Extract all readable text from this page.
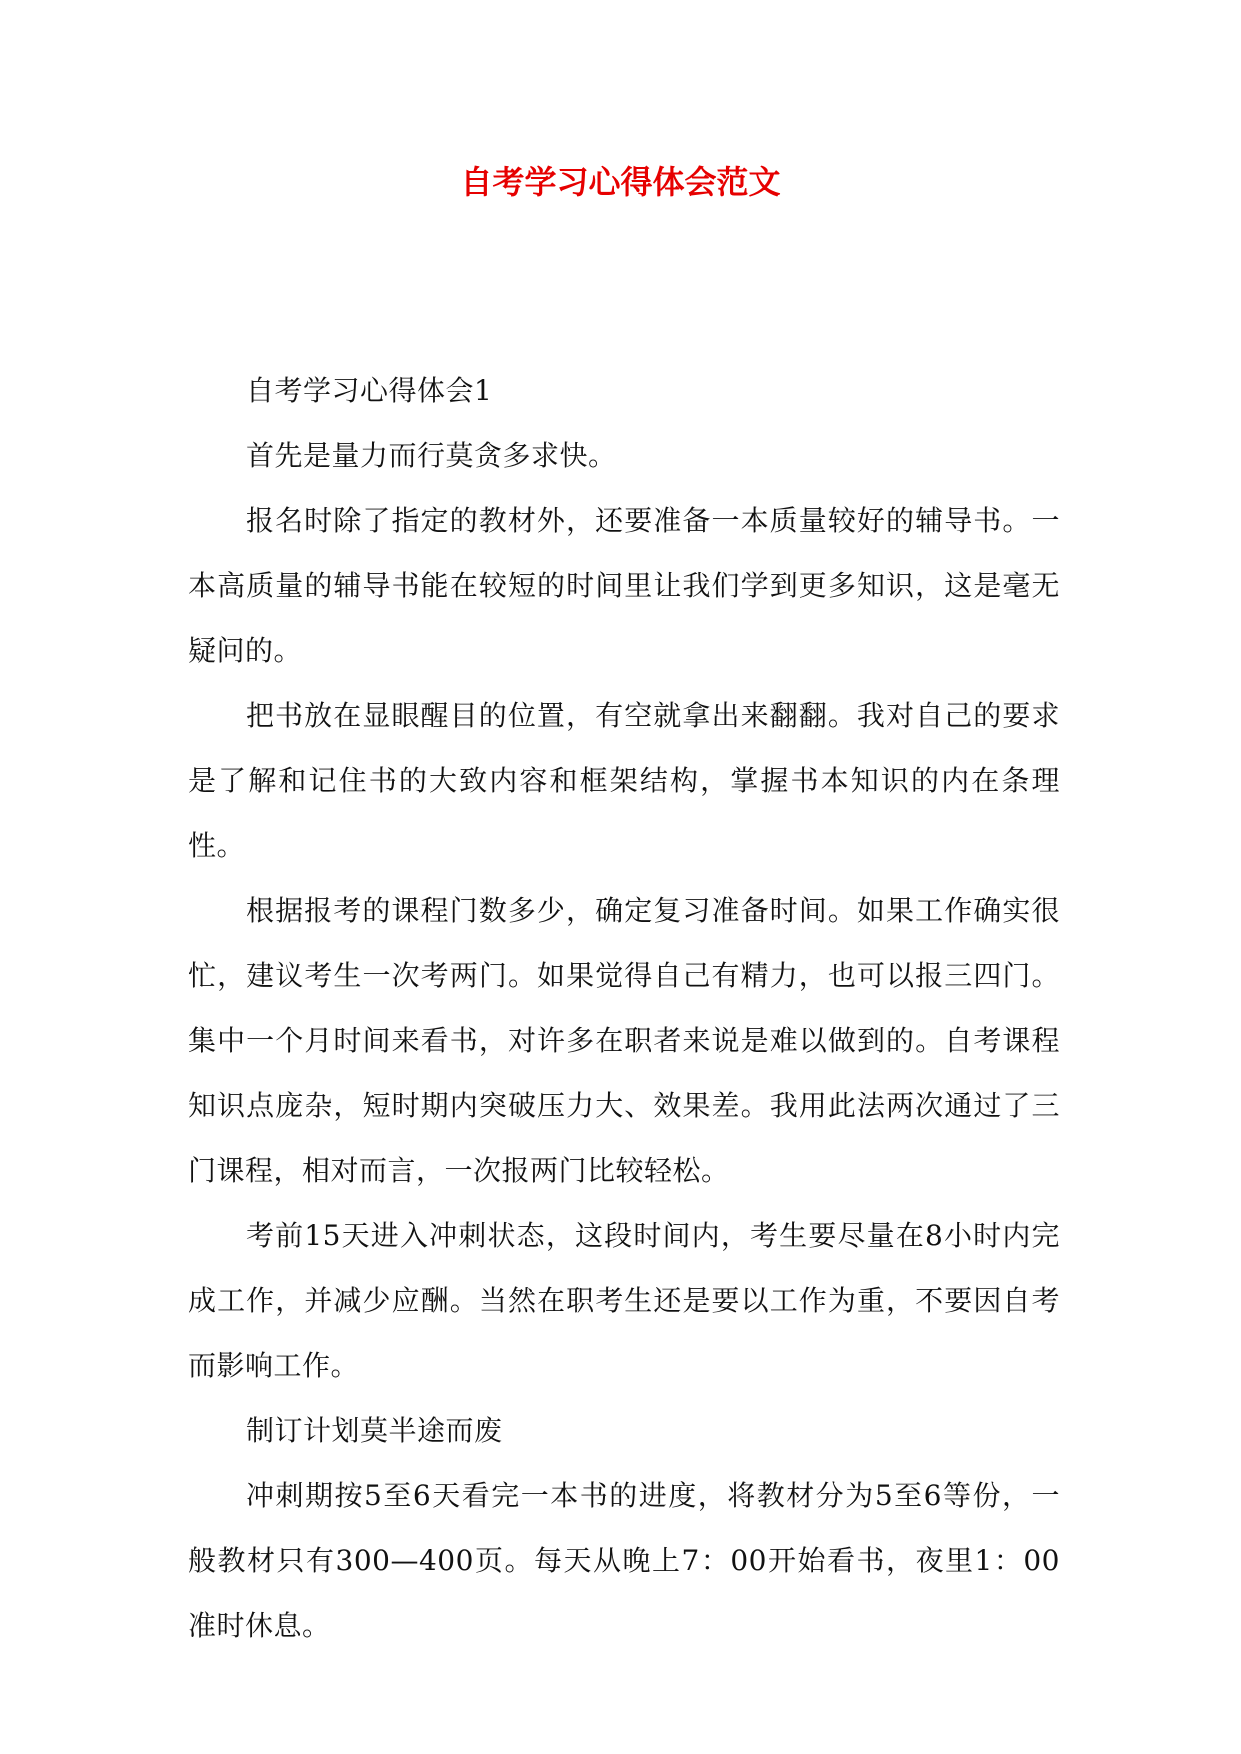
自考学习心得体会范文

自考学习心得体会1

首先是量力而行莫贪多求快。

报名时除了指定的教材外，还要准备一本质量较好的辅导书。一本高质量的辅导书能在较短的时间里让我们学到更多知识，这是毫无疑问的。

把书放在显眼醒目的位置，有空就拿出来翻翻。我对自己的要求是了解和记住书的大致内容和框架结构，掌握书本知识的内在条理性。

根据报考的课程门数多少，确定复习准备时间。如果工作确实很忙，建议考生一次考两门。如果觉得自己有精力，也可以报三四门。集中一个月时间来看书，对许多在职者来说是难以做到的。自考课程知识点庞杂，短时期内突破压力大、效果差。我用此法两次通过了三门课程，相对而言，一次报两门比较轻松。

考前15天进入冲刺状态，这段时间内，考生要尽量在8小时内完成工作，并减少应酬。当然在职考生还是要以工作为重，不要因自考而影响工作。

制订计划莫半途而废

冲刺期按5至6天看完一本书的进度，将教材分为5至6等份，一般教材只有300—400页。每天从晚上7：00开始看书，夜里1：00准时休息。
